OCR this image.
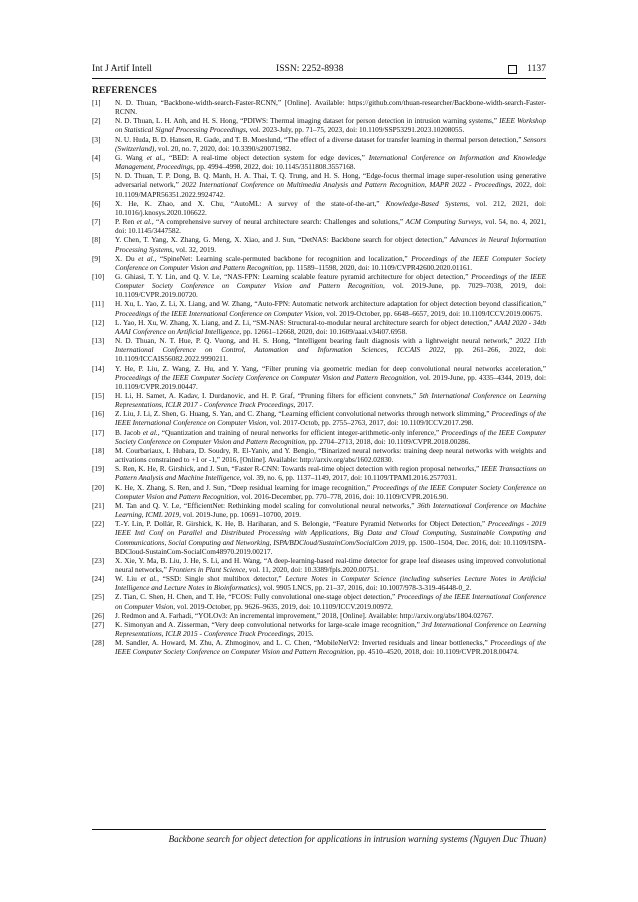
Int J Artif Intell	ISSN: 2252-8938	1137
REFERENCES
[1]	N. D. Thuan, “Backbone-width-search-Faster-RCNN,” [Online]. Available: https://github.com/thuan-researcher/Backbone-width-search-Faster-RCNN.
[2]	N. D. Thuan, L. H. Anh, and H. S. Hong, “PDIWS: Thermal imaging dataset for person detection in intrusion warning systems,” IEEE Workshop on Statistical Signal Processing Proceedings, vol. 2023-July, pp. 71–75, 2023, doi: 10.1109/SSP53291.2023.10208055.
[3]	N. U. Huda, B. D. Hansen, R. Gade, and T. B. Moeslund, “The effect of a diverse dataset for transfer learning in thermal person detection,” Sensors (Switzerland), vol. 20, no. 7, 2020, doi: 10.3390/s20071982.
[4]	G. Wang et al., “BED: A real-time object detection system for edge devices,” International Conference on Information and Knowledge Management, Proceedings, pp. 4994–4998, 2022, doi: 10.1145/3511808.3557168.
[5]	N. D. Thuan, T. P. Dong, B. Q. Manh, H. A. Thai, T. Q. Trung, and H. S. Hong, “Edge-focus thermal image super-resolution using generative adversarial network,” 2022 International Conference on Multimedia Analysis and Pattern Recognition, MAPR 2022 - Proceedings, 2022, doi: 10.1109/MAPR56351.2022.9924742.
[6]	X. He, K. Zhao, and X. Chu, “AutoML: A survey of the state-of-the-art,” Knowledge-Based Systems, vol. 212, 2021, doi: 10.1016/j.knosys.2020.106622.
[7]	P. Ren et al., “A comprehensive survey of neural architecture search: Challenges and solutions,” ACM Computing Surveys, vol. 54, no. 4, 2021, doi: 10.1145/3447582.
[8]	Y. Chen, T. Yang, X. Zhang, G. Meng, X. Xiao, and J. Sun, “DetNAS: Backbone search for object detection,” Advances in Neural Information Processing Systems, vol. 32, 2019.
[9]	X. Du et al., “SpineNet: Learning scale-permuted backbone for recognition and localization,” Proceedings of the IEEE Computer Society Conference on Computer Vision and Pattern Recognition, pp. 11589–11598, 2020, doi: 10.1109/CVPR42600.2020.01161.
[10]	G. Ghiasi, T. Y. Lin, and Q. V. Le, “NAS-FPN: Learning scalable feature pyramid architecture for object detection,” Proceedings of the IEEE Computer Society Conference on Computer Vision and Pattern Recognition, vol. 2019-June, pp. 7029–7038, 2019, doi: 10.1109/CVPR.2019.00720.
[11]	H. Xu, L. Yao, Z. Li, X. Liang, and W. Zhang, “Auto-FPN: Automatic network architecture adaptation for object detection beyond classification,” Proceedings of the IEEE International Conference on Computer Vision, vol. 2019-October, pp. 6648–6657, 2019, doi: 10.1109/ICCV.2019.00675.
[12]	L. Yao, H. Xu, W. Zhang, X. Liang, and Z. Li, “SM-NAS: Structural-to-modular neural architecture search for object detection,” AAAI 2020 - 34th AAAI Conference on Artificial Intelligence, pp. 12661–12668, 2020, doi: 10.1609/aaai.v34i07.6958.
[13]	N. D. Thuan, N. T. Hue, P. Q. Vuong, and H. S. Hong, “Intelligent bearing fault diagnosis with a lightweight neural network,” 2022 11th International Conference on Control, Automation and Information Sciences, ICCAIS 2022, pp. 261–266, 2022, doi: 10.1109/ICCAIS56082.2022.9990211.
[14]	Y. He, P. Liu, Z. Wang, Z. Hu, and Y. Yang, “Filter pruning via geometric median for deep convolutional neural networks acceleration,” Proceedings of the IEEE Computer Society Conference on Computer Vision and Pattern Recognition, vol. 2019-June, pp. 4335–4344, 2019, doi: 10.1109/CVPR.2019.00447.
[15]	H. Li, H. Samet, A. Kadav, I. Durdanovic, and H. P. Graf, “Pruning filters for efficient convnets,” 5th International Conference on Learning Representations, ICLR 2017 - Conference Track Proceedings, 2017.
[16]	Z. Liu, J. Li, Z. Shen, G. Huang, S. Yan, and C. Zhang, “Learning efficient convolutional networks through network slimming,” Proceedings of the IEEE International Conference on Computer Vision, vol. 2017-Octob, pp. 2755–2763, 2017, doi: 10.1109/ICCV.2017.298.
[17]	B. Jacob et al., “Quantization and training of neural networks for efficient integer-arithmetic-only inference,” Proceedings of the IEEE Computer Society Conference on Computer Vision and Pattern Recognition, pp. 2704–2713, 2018, doi: 10.1109/CVPR.2018.00286.
[18]	M. Courbariaux, I. Hubara, D. Soudry, R. El-Yaniv, and Y. Bengio, “Binarized neural networks: training deep neural networks with weights and activations constrained to +1 or -1,” 2016, [Online]. Available: http://arxiv.org/abs/1602.02830.
[19]	S. Ren, K. He, R. Girshick, and J. Sun, “Faster R-CNN: Towards real-time object detection with region proposal networks,” IEEE Transactions on Pattern Analysis and Machine Intelligence, vol. 39, no. 6, pp. 1137–1149, 2017, doi: 10.1109/TPAMI.2016.2577031.
[20]	K. He, X. Zhang, S. Ren, and J. Sun, “Deep residual learning for image recognition,” Proceedings of the IEEE Computer Society Conference on Computer Vision and Pattern Recognition, vol. 2016-December, pp. 770–778, 2016, doi: 10.1109/CVPR.2016.90.
[21]	M. Tan and Q. V. Le, “EfficientNet: Rethinking model scaling for convolutional neural networks,” 36th International Conference on Machine Learning, ICML 2019, vol. 2019-June, pp. 10691–10700, 2019.
[22]	T.-Y. Lin, P. Dollár, R. Girshick, K. He, B. Hariharan, and S. Belongie, “Feature Pyramid Networks for Object Detection,” Proceedings - 2019 IEEE Intl Conf on Parallel and Distributed Processing with Applications, Big Data and Cloud Computing, Sustainable Computing and Communications, Social Computing and Networking, ISPA/BDCloud/SustainCom/SocialCom 2019, pp. 1500–1504, Dec. 2016, doi: 10.1109/ISPA-BDCloud-SustainCom-SocialCom48970.2019.00217.
[23]	X. Xie, Y. Ma, B. Liu, J. He, S. Li, and H. Wang, “A deep-learning-based real-time detector for grape leaf diseases using improved convolutional neural networks,” Frontiers in Plant Science, vol. 11, 2020, doi: 10.3389/fpls.2020.00751.
[24]	W. Liu et al., “SSD: Single shot multibox detector,” Lecture Notes in Computer Science (including subseries Lecture Notes in Artificial Intelligence and Lecture Notes in Bioinformatics), vol. 9905 LNCS, pp. 21–37, 2016, doi: 10.1007/978-3-319-46448-0_2.
[25]	Z. Tian, C. Shen, H. Chen, and T. He, “FCOS: Fully convolutional one-stage object detection,” Proceedings of the IEEE International Conference on Computer Vision, vol. 2019-October, pp. 9626–9635, 2019, doi: 10.1109/ICCV.2019.00972.
[26]	J. Redmon and A. Farhadi, “YOLOv3: An incremental improvement,” 2018, [Online]. Available: http://arxiv.org/abs/1804.02767.
[27]	K. Simonyan and A. Zisserman, “Very deep convolutional networks for large-scale image recognition,” 3rd International Conference on Learning Representations, ICLR 2015 - Conference Track Proceedings, 2015.
[28]	M. Sandler, A. Howard, M. Zhu, A. Zhmoginov, and L. C. Chen, “MobileNetV2: Inverted residuals and linear bottlenecks,” Proceedings of the IEEE Computer Society Conference on Computer Vision and Pattern Recognition, pp. 4510–4520, 2018, doi: 10.1109/CVPR.2018.00474.
Backbone search for object detection for applications in intrusion warning systems (Nguyen Duc Thuan)
